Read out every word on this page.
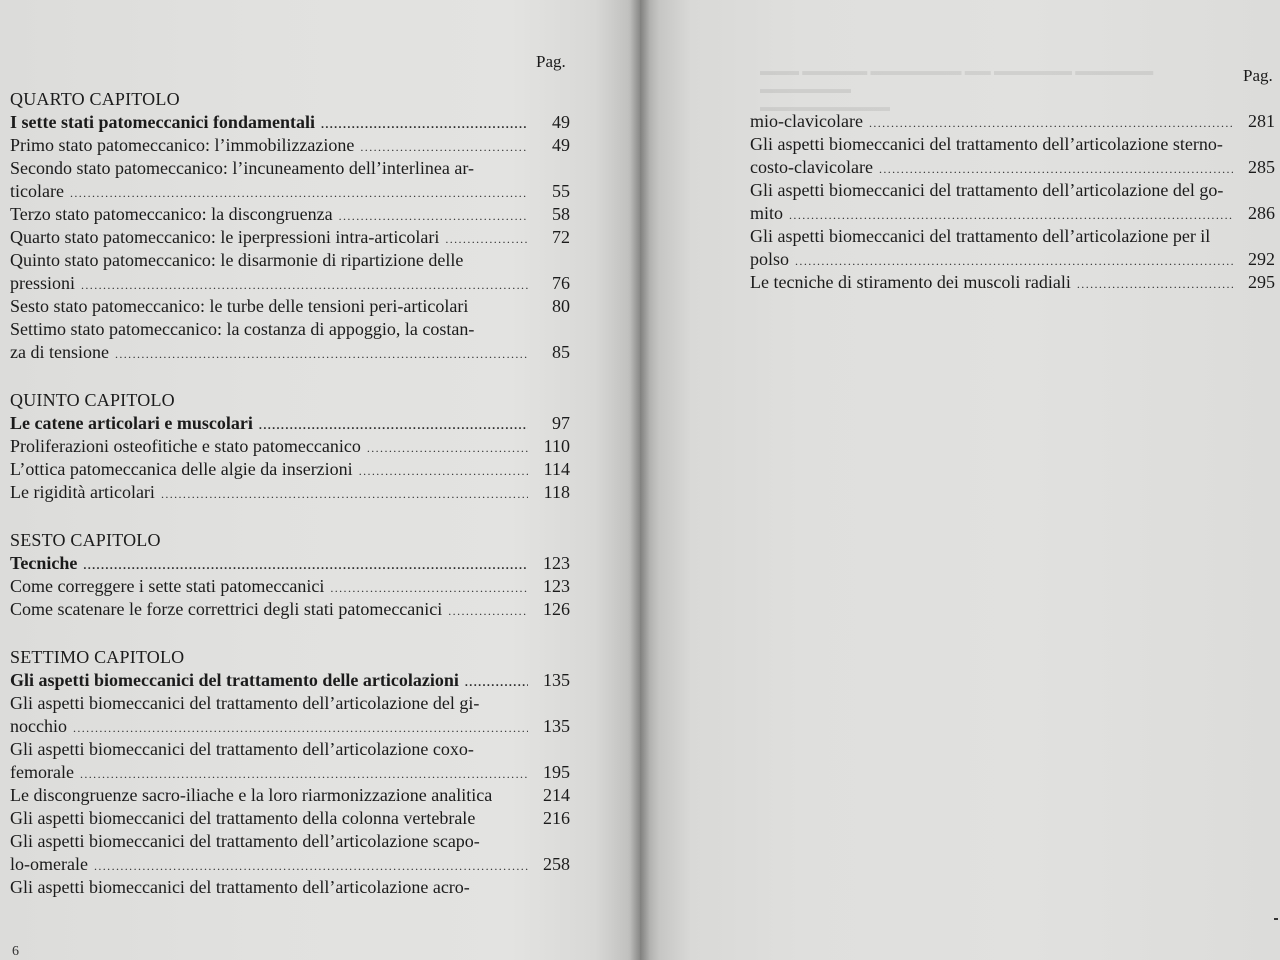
▬▬▬ ▬▬▬▬▬ ▬▬▬▬▬▬▬ ▬▬ ▬▬▬▬▬▬ ▬▬▬▬▬▬ ▬▬▬▬▬▬▬
▬▬▬▬▬▬▬▬▬▬
Pag.
Pag.
QUARTO CAPITOLO
I sette stati patomeccanici fondamentali .....	49
Primo stato patomeccanico: l’immobilizzazione .....	49
Secondo stato patomeccanico: l’incuneamento dell’interlinea ar-
ticolare .....	55
Terzo stato patomeccanico: la discongruenza .....	58
Quarto stato patomeccanico: le iperpressioni intra-articolari .....	72
Quinto stato patomeccanico: le disarmonie di ripartizione delle
pressioni .....	76
Sesto stato patomeccanico: le turbe delle tensioni peri-articolari	80
Settimo stato patomeccanico: la costanza di appoggio, la costan-
za di tensione .....	85
QUINTO CAPITOLO
Le catene articolari e muscolari .....	97
Proliferazioni osteofitiche e stato patomeccanico .....	110
L’ottica patomeccanica delle algie da inserzioni .....	114
Le rigidità articolari .....	118
SESTO CAPITOLO
Tecniche .....	123
Come correggere i sette stati patomeccanici .....	123
Come scatenare le forze correttrici degli stati patomeccanici .....	126
SETTIMO CAPITOLO
Gli aspetti biomeccanici del trattamento delle articolazioni .....	135
Gli aspetti biomeccanici del trattamento dell’articolazione del gi-
nocchio .....	135
Gli aspetti biomeccanici del trattamento dell’articolazione coxo-
femorale .....	195
Le discongruenze sacro-iliache e la loro riarmonizzazione analitica	214
Gli aspetti biomeccanici del trattamento della colonna vertebrale	216
Gli aspetti biomeccanici del trattamento dell’articolazione scapo-
lo-omerale .....	258
Gli aspetti biomeccanici del trattamento dell’articolazione acro-
mio-clavicolare .....	281
Gli aspetti biomeccanici del trattamento dell’articolazione sterno-
costo-clavicolare .....	285
Gli aspetti biomeccanici del trattamento dell’articolazione del go-
mito .....	286
Gli aspetti biomeccanici del trattamento dell’articolazione per il
polso .....	292
Le tecniche di stiramento dei muscoli radiali .....	295
6
